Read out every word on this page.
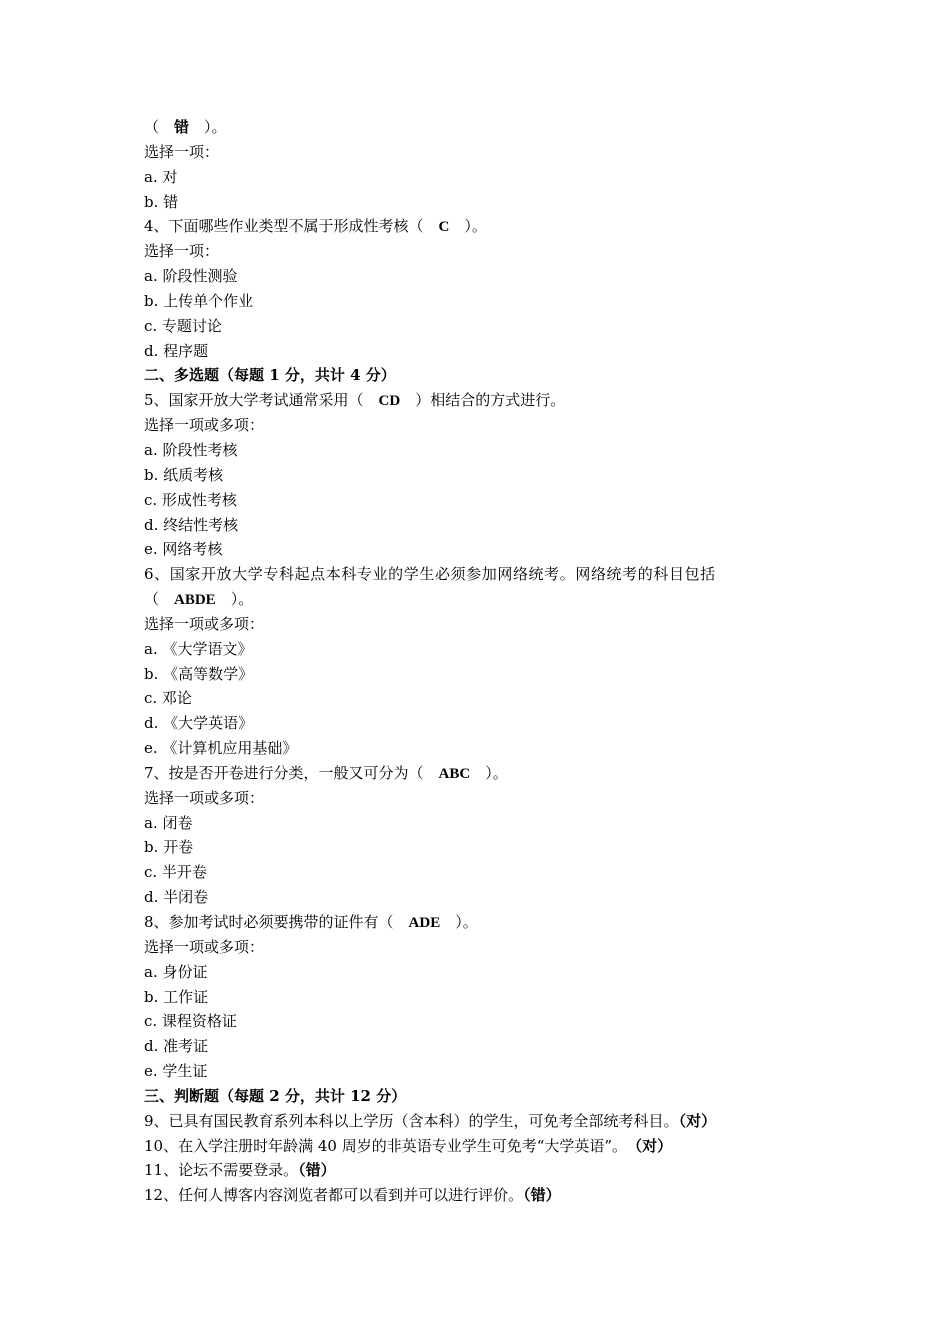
（　错　）。
选择一项：
a. 对
b. 错
4、下面哪些作业类型不属于形成性考核（　C　）。
选择一项：
a. 阶段性测验
b. 上传单个作业
c. 专题讨论
d. 程序题
二、多选题（每题 1 分，共计 4 分）
5、国家开放大学考试通常采用（　CD　）相结合的方式进行。
选择一项或多项：
a. 阶段性考核
b. 纸质考核
c. 形成性考核
d. 终结性考核
e. 网络考核
6、国家开放大学专科起点本科专业的学生必须参加网络统考。网络统考的科目包括
（　ABDE　）。
选择一项或多项：
a. 《大学语文》
b. 《高等数学》
c. 邓论
d. 《大学英语》
e. 《计算机应用基础》
7、按是否开卷进行分类，一般又可分为（　ABC　）。
选择一项或多项：
a. 闭卷
b. 开卷
c. 半开卷
d. 半闭卷
8、参加考试时必须要携带的证件有（　ADE　）。
选择一项或多项：
a. 身份证
b. 工作证
c. 课程资格证
d. 准考证
e. 学生证
三、判断题（每题 2 分，共计 12 分）
9、已具有国民教育系列本科以上学历（含本科）的学生，可免考全部统考科目。（对）
10、在入学注册时年龄满 40 周岁的非英语专业学生可免考“大学英语”。　（对）
11、论坛不需要登录。（错）
12、任何人博客内容浏览者都可以看到并可以进行评价。（错）
